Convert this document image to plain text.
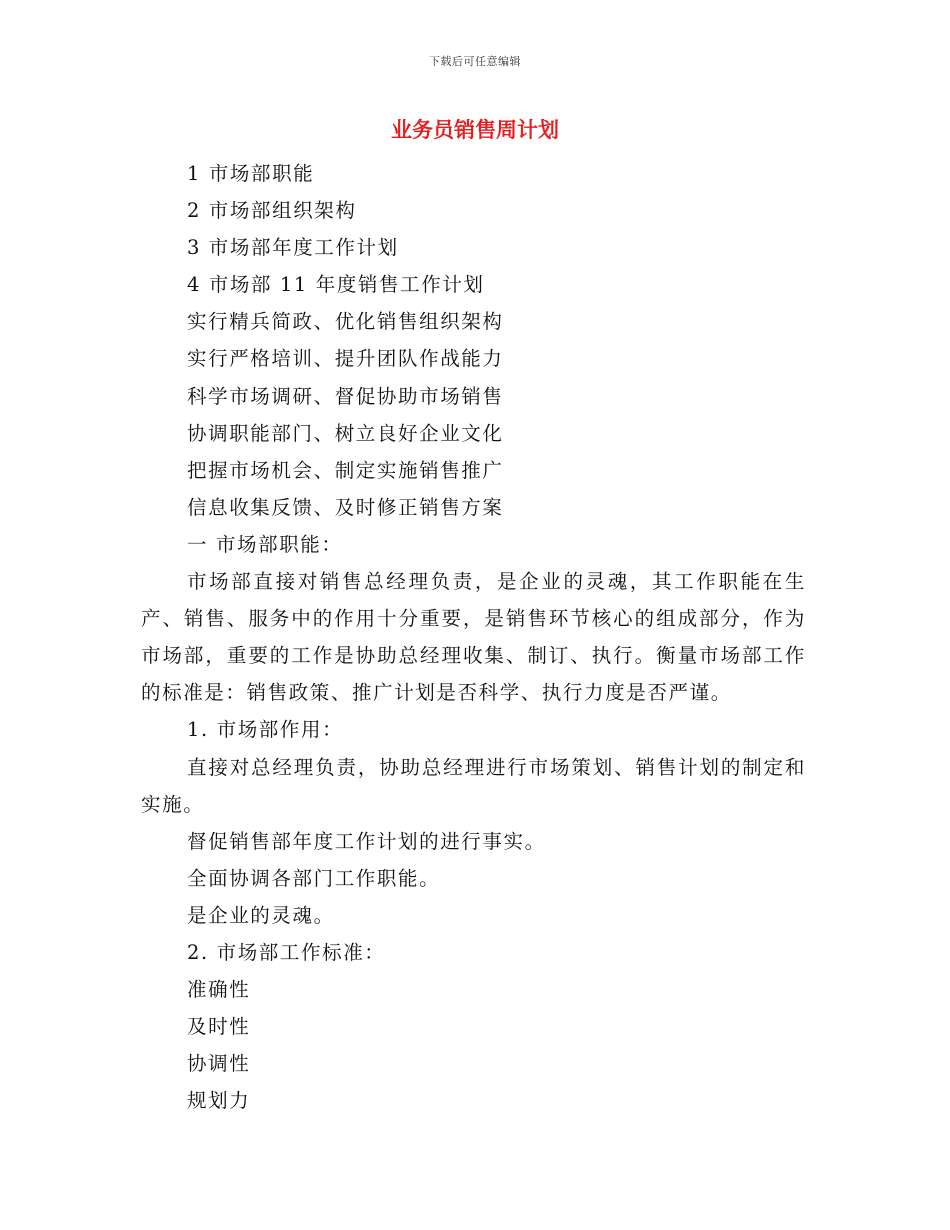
下载后可任意编辑
业务员销售周计划

1 市场部职能

2 市场部组织架构

3 市场部年度工作计划

4 市场部 11 年度销售工作计划

实行精兵简政、优化销售组织架构

实行严格培训、提升团队作战能力

科学市场调研、督促协助市场销售

协调职能部门、树立良好企业文化

把握市场机会、制定实施销售推广

信息收集反馈、及时修正销售方案

一 市场部职能：

市场部直接对销售总经理负责，是企业的灵魂，其工作职能在生产、销售、服务中的作用十分重要，是销售环节核心的组成部分，作为市场部，重要的工作是协助总经理收集、制订、执行。衡量市场部工作的标准是：销售政策、推广计划是否科学、执行力度是否严谨。

1. 市场部作用：

直接对总经理负责，协助总经理进行市场策划、销售计划的制定和实施。

督促销售部年度工作计划的进行事实。

全面协调各部门工作职能。

是企业的灵魂。

2. 市场部工作标准：

准确性

及时性

协调性

规划力
